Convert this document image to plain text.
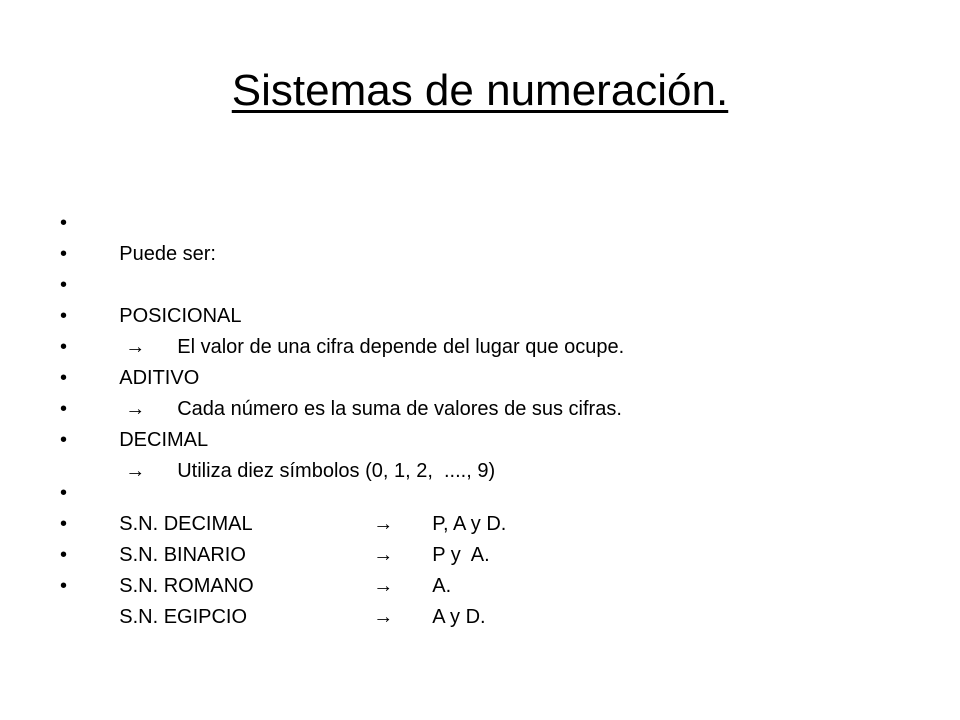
Sistemas de numeración.

•
Puede ser:

•

•
POSICIONAL

•
→ El valor de una cifra depende del lugar que ocupe.

•
ADITIVO

•
→ Cada número es la suma de valores de sus cifras.

•
DECIMAL

•
→ Utiliza diez símbolos (0, 1, 2,  ...., 9)

•
S.N. DECIMAL	→ P, A y D.

•
S.N. BINARIO	→ P y  A.

•
S.N. ROMANO	→ A.

•
S.N. EGIPCIO	→ A y D.
